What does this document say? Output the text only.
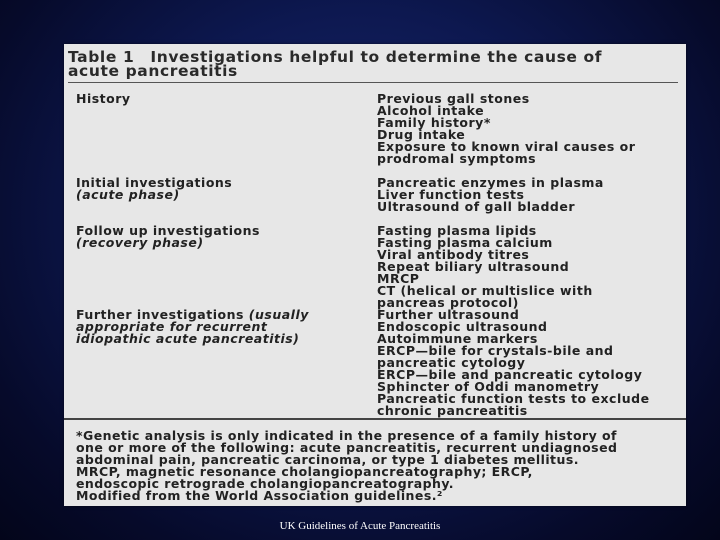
Table 1 Investigations helpful to determine the cause of
acute pancreatitis
History	Previous gall stones
Alcohol intake
Family history*
Drug intake
Exposure to known viral causes or
prodromal symptoms
Initial investigations
(acute phase)
Pancreatic enzymes in plasma
Liver function tests
Ultrasound of gall bladder
Follow up investigations
(recovery phase)
Fasting plasma lipids
Fasting plasma calcium
Viral antibody titres
Repeat biliary ultrasound
MRCP
CT (helical or multislice with
pancreas protocol)
Further investigations (usually
appropriate for recurrent
idiopathic acute pancreatitis)
Further ultrasound
Endoscopic ultrasound
Autoimmune markers
ERCP—bile for crystals-bile and
pancreatic cytology
ERCP—bile and pancreatic cytology
Sphincter of Oddi manometry
Pancreatic function tests to exclude
chronic pancreatitis
*Genetic analysis is only indicated in the presence of a family history of
one or more of the following: acute pancreatitis, recurrent undiagnosed
abdominal pain, pancreatic carcinoma, or type 1 diabetes mellitus.
MRCP, magnetic resonance cholangiopancreatography; ERCP,
endoscopic retrograde cholangiopancreatography.
Modified from the World Association guidelines.²
UK Guidelines of Acute Pancreatitis
